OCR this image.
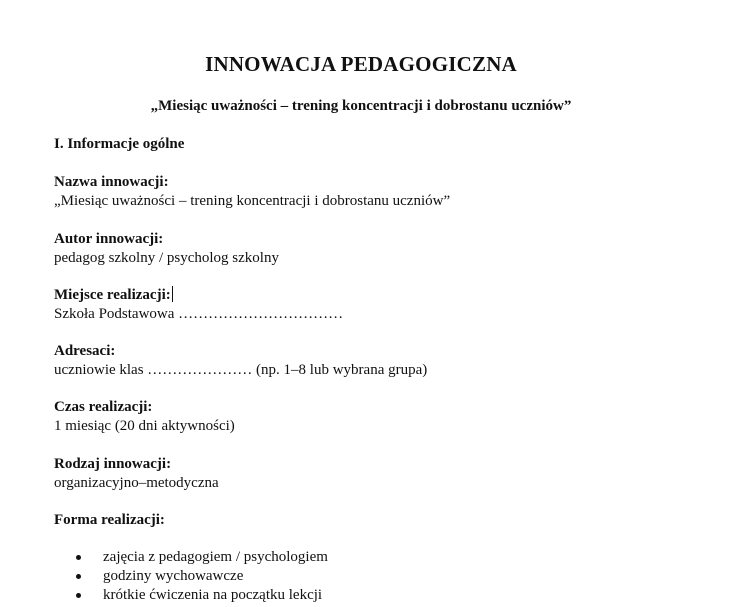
INNOWACJA PEDAGOGICZNA
„Miesiąc uważności – trening koncentracji i dobrostanu uczniów”
I. Informacje ogólne
Nazwa innowacji:
„Miesiąc uważności – trening koncentracji i dobrostanu uczniów”
Autor innowacji:
pedagog szkolny / psycholog szkolny
Miejsce realizacji:
Szkoła Podstawowa ……………………………
Adresaci:
uczniowie klas ………………… (np. 1–8 lub wybrana grupa)
Czas realizacji:
1 miesiąc (20 dni aktywności)
Rodzaj innowacji:
organizacyjno–metodyczna
Forma realizacji:
zajęcia z pedagogiem / psychologiem
godziny wychowawcze
krótkie ćwiczenia na początku lekcji
